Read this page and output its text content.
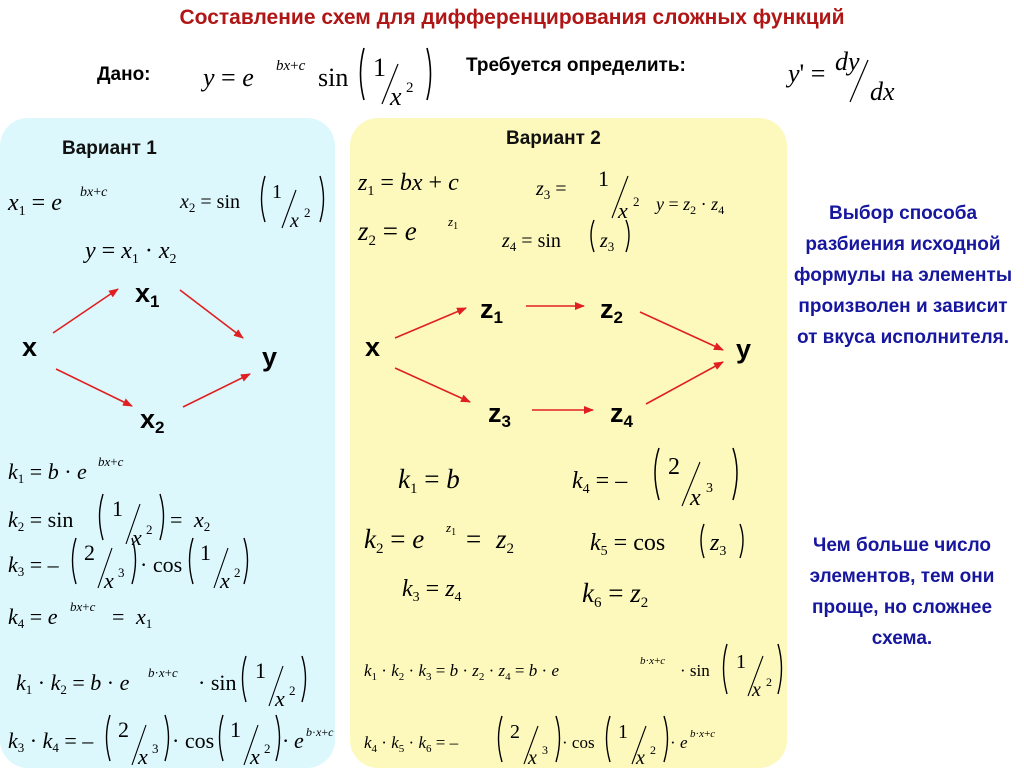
Составление схем для дифференцирования сложных функций
Дано:	Требуется определить:
Вариант 1	Вариант 2
x
$x_1$
y
$x_2$
x
$z_1$	$z_2$
y
$z_3$	$z_4$
Выбор способа разбиения исходной формулы на элементы произволен и зависит от вкуса исполнителя.
Чем больше число элементов, тем они проще, но сложнее схема.
y = e bx+c sin 1
x 2	y' = dy
dx
$x_1 = e$ bx+c	$x_2 = \sin 1$
x 2
$y = x_1 \cdot x_2$
k1 = b · e bx+c
k2 = sin 1
x 2 = x2
k3 = – 2
x 3 · cos 1
x 2
k4 = e bx+c = x1
k1 · k2 = b · e b·x+c · sin 1
x 2
k3 · k4 = – 2
x 3 · cos 1
x 2 · e b·x+c
$z_1$ = bx + c	$z_3 = 1$
x 2 $y = z_2 \cdot z_4$
z2 = e $z_1$
$z_4 = \sin z_3$
k1 = b	$k_4$ = –
2
x 3
k2 = e $z_1 = z2$	$k_5 = \cos z_3$
$k_3 = z_4$	k6 = z2
$k_1 \cdot k_2 \cdot k_3 = b \cdot z_2 \cdot z_4 = b \cdot e$	b·x+c · sin 1
x 2
$k_4 \cdot k_5 \cdot k_6$ = –	2
x 3 · cos 1
x 2 · e b·x+c
